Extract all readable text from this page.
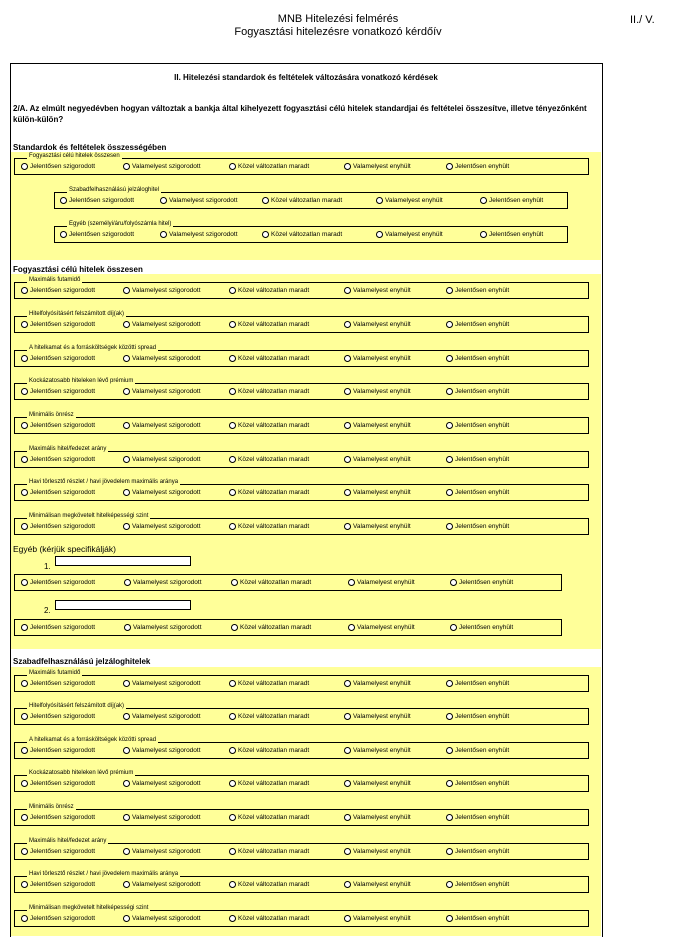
MNB Hitelezési felmérés
Fogyasztási hitelezésre vonatkozó kérdőív
II./ V.
II. Hitelezési standardok és feltételek változására vonatkozó kérdések
2/A. Az elmúlt negyedévben hogyan változtak a bankja által kihelyezett fogyasztási célú hitelek standardjai és feltételei összesítve, illetve tényezőnként külön-külön?
Standardok és feltételek összességében
Fogyasztási célú hitelek összesen
Egyéb (kérjük specifikálják)
Szabadfelhasználású jelzáloghitelek
Fogyasztási célú hitelek összesen
Jelentősen szigorodott	Valamelyest szigorodott	Közel változatlan maradt	Valamelyest enyhült	Jelentősen enyhült
Szabadfelhasználású jelzáloghitel
Jelentősen szigorodott	Valamelyest szigorodott	Közel változatlan maradt	Valamelyest enyhült	Jelentősen enyhült
Egyéb (személyi/áru/folyószámla hitel)
Jelentősen szigorodott	Valamelyest szigorodott	Közel változatlan maradt	Valamelyest enyhült	Jelentősen enyhült
Maximális futamidő
Jelentősen szigorodott	Valamelyest szigorodott	Közel változatlan maradt	Valamelyest enyhült	Jelentősen enyhült
Hitelfolyósításért felszámított díj(ak)
Jelentősen szigorodott	Valamelyest szigorodott	Közel változatlan maradt	Valamelyest enyhült	Jelentősen enyhült
A hitelkamat és a forrásköltségek közötti spread
Jelentősen szigorodott	Valamelyest szigorodott	Közel változatlan maradt	Valamelyest enyhült	Jelentősen enyhült
Kockázatosabb hiteleken lévő prémium
Jelentősen szigorodott	Valamelyest szigorodott	Közel változatlan maradt	Valamelyest enyhült	Jelentősen enyhült
Minimális önrész
Jelentősen szigorodott	Valamelyest szigorodott	Közel változatlan maradt	Valamelyest enyhült	Jelentősen enyhült
Maximális hitel/fedezet arány
Jelentősen szigorodott	Valamelyest szigorodott	Közel változatlan maradt	Valamelyest enyhült	Jelentősen enyhült
Havi törlesztő részlet / havi jövedelem maximális aránya
Jelentősen szigorodott	Valamelyest szigorodott	Közel változatlan maradt	Valamelyest enyhült	Jelentősen enyhült
Minimálisan megkövetelt hitelképességi szint
Jelentősen szigorodott	Valamelyest szigorodott	Közel változatlan maradt	Valamelyest enyhült	Jelentősen enyhült
Jelentősen szigorodott	Valamelyest szigorodott	Közel változatlan maradt	Valamelyest enyhült	Jelentősen enyhült
Jelentősen szigorodott	Valamelyest szigorodott	Közel változatlan maradt	Valamelyest enyhült	Jelentősen enyhült
1.
2.
Maximális futamidő
Jelentősen szigorodott	Valamelyest szigorodott	Közel változatlan maradt	Valamelyest enyhült	Jelentősen enyhült
Hitelfolyósításért felszámított díj(ak)
Jelentősen szigorodott	Valamelyest szigorodott	Közel változatlan maradt	Valamelyest enyhült	Jelentősen enyhült
A hitelkamat és a forrásköltségek közötti spread
Jelentősen szigorodott	Valamelyest szigorodott	Közel változatlan maradt	Valamelyest enyhült	Jelentősen enyhült
Kockázatosabb hiteleken lévő prémium
Jelentősen szigorodott	Valamelyest szigorodott	Közel változatlan maradt	Valamelyest enyhült	Jelentősen enyhült
Minimális önrész
Jelentősen szigorodott	Valamelyest szigorodott	Közel változatlan maradt	Valamelyest enyhült	Jelentősen enyhült
Maximális hitel/fedezet arány
Jelentősen szigorodott	Valamelyest szigorodott	Közel változatlan maradt	Valamelyest enyhült	Jelentősen enyhült
Havi törlesztő részlet / havi jövedelem maximális aránya
Jelentősen szigorodott	Valamelyest szigorodott	Közel változatlan maradt	Valamelyest enyhült	Jelentősen enyhült
Minimálisan megkövetelt hitelképességi szint
Jelentősen szigorodott	Valamelyest szigorodott	Közel változatlan maradt	Valamelyest enyhült	Jelentősen enyhült
